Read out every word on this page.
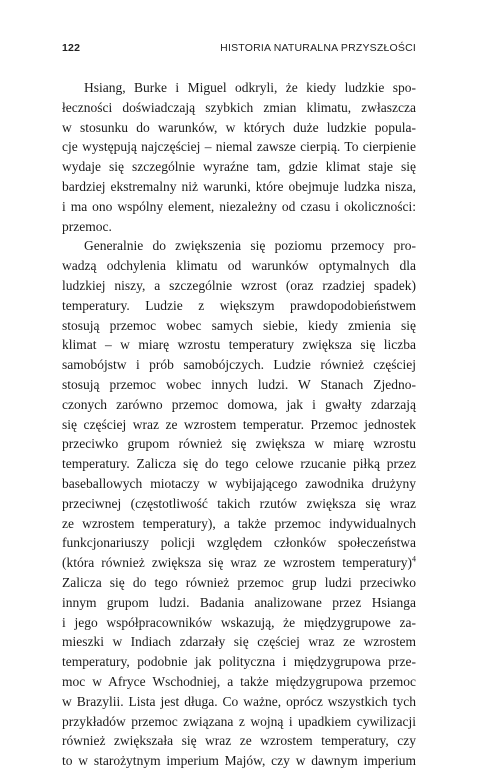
122	HISTORIA NATURALNA PRZYSZŁOŚCI
Hsiang, Burke i Miguel odkryli, że kiedy ludzkie spo-
łeczności doświadczają szybkich zmian klimatu, zwłaszcza
w stosunku do warunków, w których duże ludzkie popula-
cje występują najczęściej – niemal zawsze cierpią. To cierpienie
wydaje się szczególnie wyraźne tam, gdzie klimat staje się
bardziej ekstremalny niż warunki, które obejmuje ludzka nisza,
i ma ono wspólny element, niezależny od czasu i okoliczności:
przemoc.
Generalnie do zwiększenia się poziomu przemocy pro-
wadzą odchylenia klimatu od warunków optymalnych dla
ludzkiej niszy, a szczególnie wzrost (oraz rzadziej spadek)
temperatury. Ludzie z większym prawdopodobieństwem
stosują przemoc wobec samych siebie, kiedy zmienia się
klimat – w miarę wzrostu temperatury zwiększa się liczba
samobójstw i prób samobójczych. Ludzie również częściej
stosują przemoc wobec innych ludzi. W Stanach Zjedno-
czonych zarówno przemoc domowa, jak i gwałty zdarzają
się częściej wraz ze wzrostem temperatur. Przemoc jednostek
przeciwko grupom również się zwiększa w miarę wzrostu
temperatury. Zalicza się do tego celowe rzucanie piłką przez
baseballowych miotaczy w wybijającego zawodnika drużyny
przeciwnej (częstotliwość takich rzutów zwiększa się wraz
ze wzrostem temperatury), a także przemoc indywidualnych
funkcjonariuszy policji względem członków społeczeństwa
(która również zwiększa się wraz ze wzrostem temperatury)$^4$
Zalicza się do tego również przemoc grup ludzi przeciwko
innym grupom ludzi. Badania analizowane przez Hsianga
i jego współpracowników wskazują, że międzygrupowe za-
mieszki w Indiach zdarzały się częściej wraz ze wzrostem
temperatury, podobnie jak polityczna i międzygrupowa prze-
moc w Afryce Wschodniej, a także międzygrupowa przemoc
w Brazylii. Lista jest długa. Co ważne, oprócz wszystkich tych
przykładów przemoc związana z wojną i upadkiem cywilizacji
również zwiększała się wraz ze wzrostem temperatury, czy
to w starożytnym imperium Majów, czy w dawnym imperium
